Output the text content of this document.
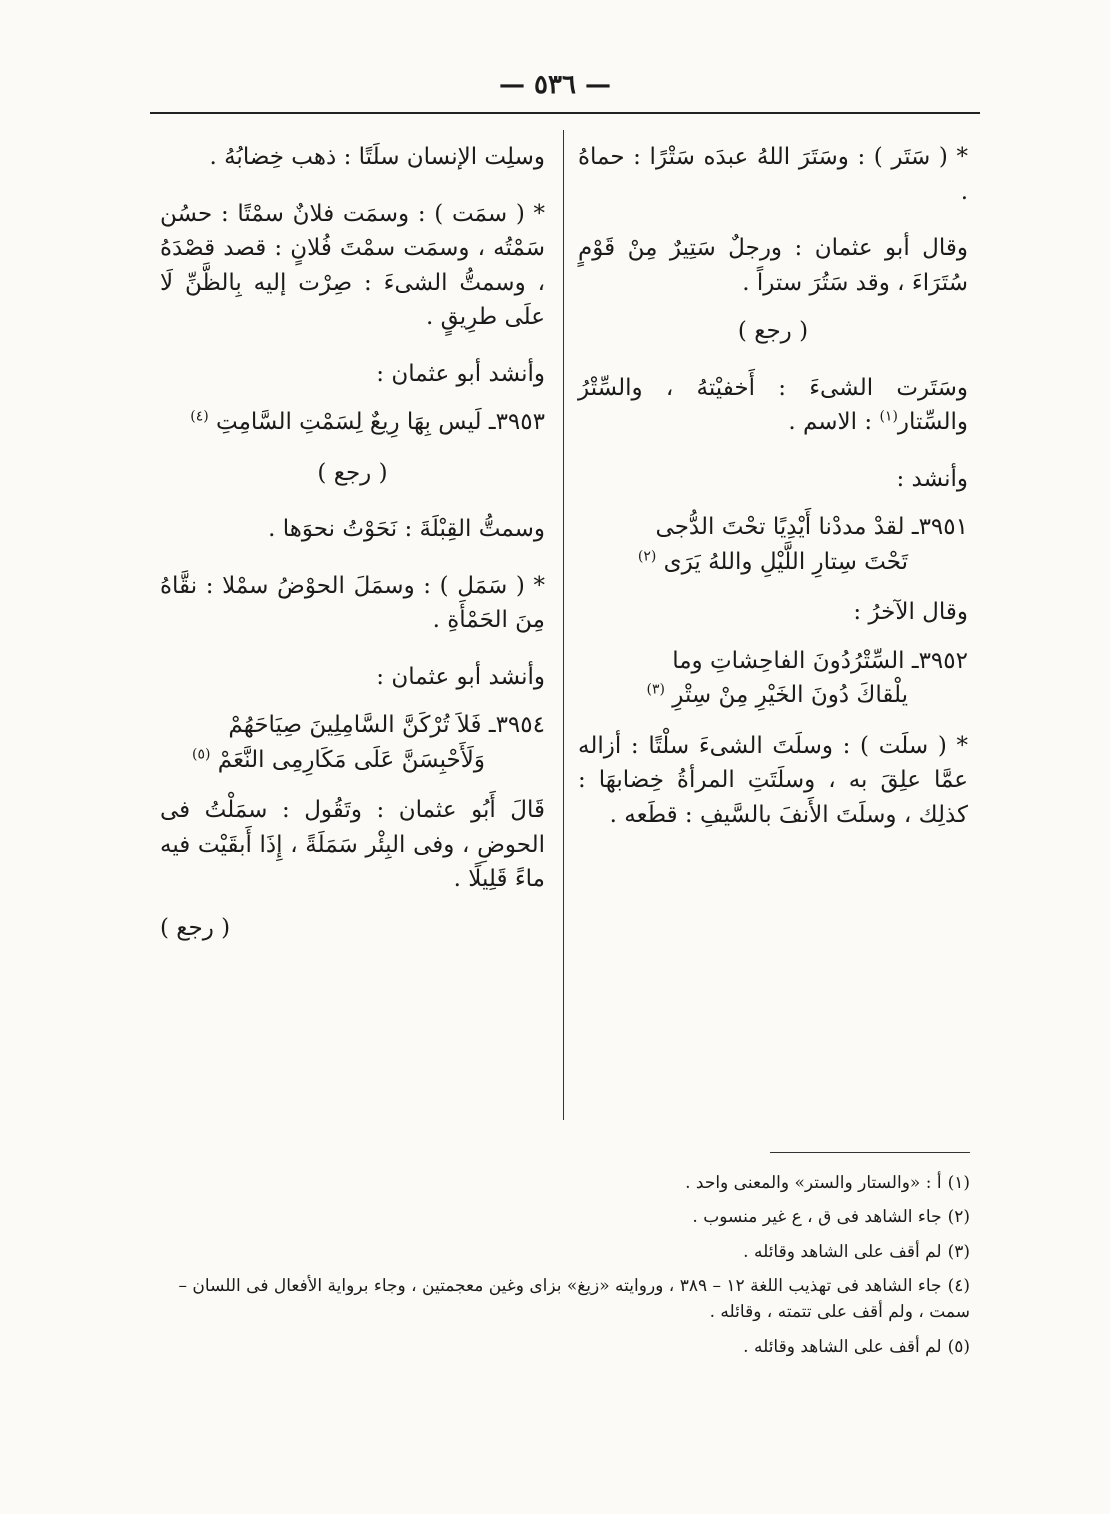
— ٥٣٦ —

* ( سَتَر ) : وسَتَرَ اللهُ عبدَه سَتْرًا : حماهُ .

وقال أبو عثمان : ورجلٌ سَتِيرٌ مِنْ قَوْمٍ سُتَرَاءَ ، وقد سَتُرَ ستراً .

( رجع )

وسَتَرت الشىءَ : أَخفيْتهُ ، والسِّتْرُ والسِّتار$^{(١)}$ : الاسم .

وأنشد :

٣٩٥١ـ لقدْ مددْنا أَيْدِيًا تحْتَ الدُّجى
تَحْتَ سِتارِ اللَّيْلِ واللهُ يَرَى $^{(٢)}$

وقال الآخرُ :

٣٩٥٢ـ السِّتْرُدُونَ الفاحِشاتِ وما
يلْقاكَ دُونَ الخَيْرِ مِنْ سِتْرِ $^{(٣)}$

* ( سلَت ) : وسلَتَ الشىءَ سلْتًا : أزاله عمَّا علِقَ به ، وسلَتَتِ المرأةُ خِضابهَا : كذلِك ، وسلَتَ الأَنفَ بالسَّيفِ : قطَعه .

وسلِت الإنسان سلَتًا : ذهب خِضابُهُ .

* ( سمَت ) : وسمَت فلانٌ سمْتًا : حسُن سَمْتُه ، وسمَت سمْتَ فُلانٍ : قصد قصْدَهُ ، وسمتُّ الشىءَ : صِرْت إليه بِالظَّنِّ لَا علَى طرِيقٍ .

وأنشد أبو عثمان :

٣٩٥٣ـ لَيس بِهَا رِيعٌ لِسَمْتِ السَّامِتِ $^{(٤)}$

( رجع )

وسمتُّ القِبْلَةَ : نَحَوْتُ نحوَها .

* ( سَمَل ) : وسمَلَ الحوْضُ سمْلا : نقَّاهُ مِنَ الحَمْأَةِ .

وأنشد أبو عثمان :

٣٩٥٤ـ فَلاَ تُرْكَنَّ السَّامِلِينَ صِيَاحَهُمْ
وَلَأَحْبِسَنَّ عَلَى مَكَارِمِى النَّعَمْ $^{(٥)}$

قَالَ أَبُو عثمان : وتَقُول : سمَلْتُ فى الحوضِ ، وفى البِئْر سَمَلَةً ، إِذَا أَبقَيْت فيه ماءً قَلِيلًا .

( رجع )

(١)أ : «والستار والستر» والمعنى واحد .
(٢)جاء الشاهد فى ق ، ع غير منسوب .
(٣)لم أقف على الشاهد وقائله .
(٤)جاء الشاهد فى تهذيب اللغة ١٢ – ٣٨٩ ، وروايته «زيغ» بزاى وغين معجمتين ، وجاء برواية الأفعال فى اللسان – سمت ، ولم أقف على تتمته ، وقائله .
(٥)لم أقف على الشاهد وقائله .
